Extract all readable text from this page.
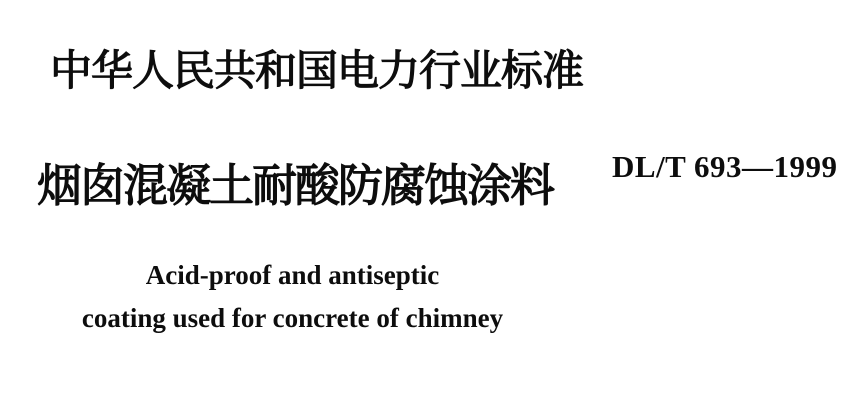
中华人民共和国电力行业标准
烟囱混凝土耐酸防腐蚀涂料 DL/T 693—1999
Acid-proof and antiseptic
coating used for concrete of chimney
